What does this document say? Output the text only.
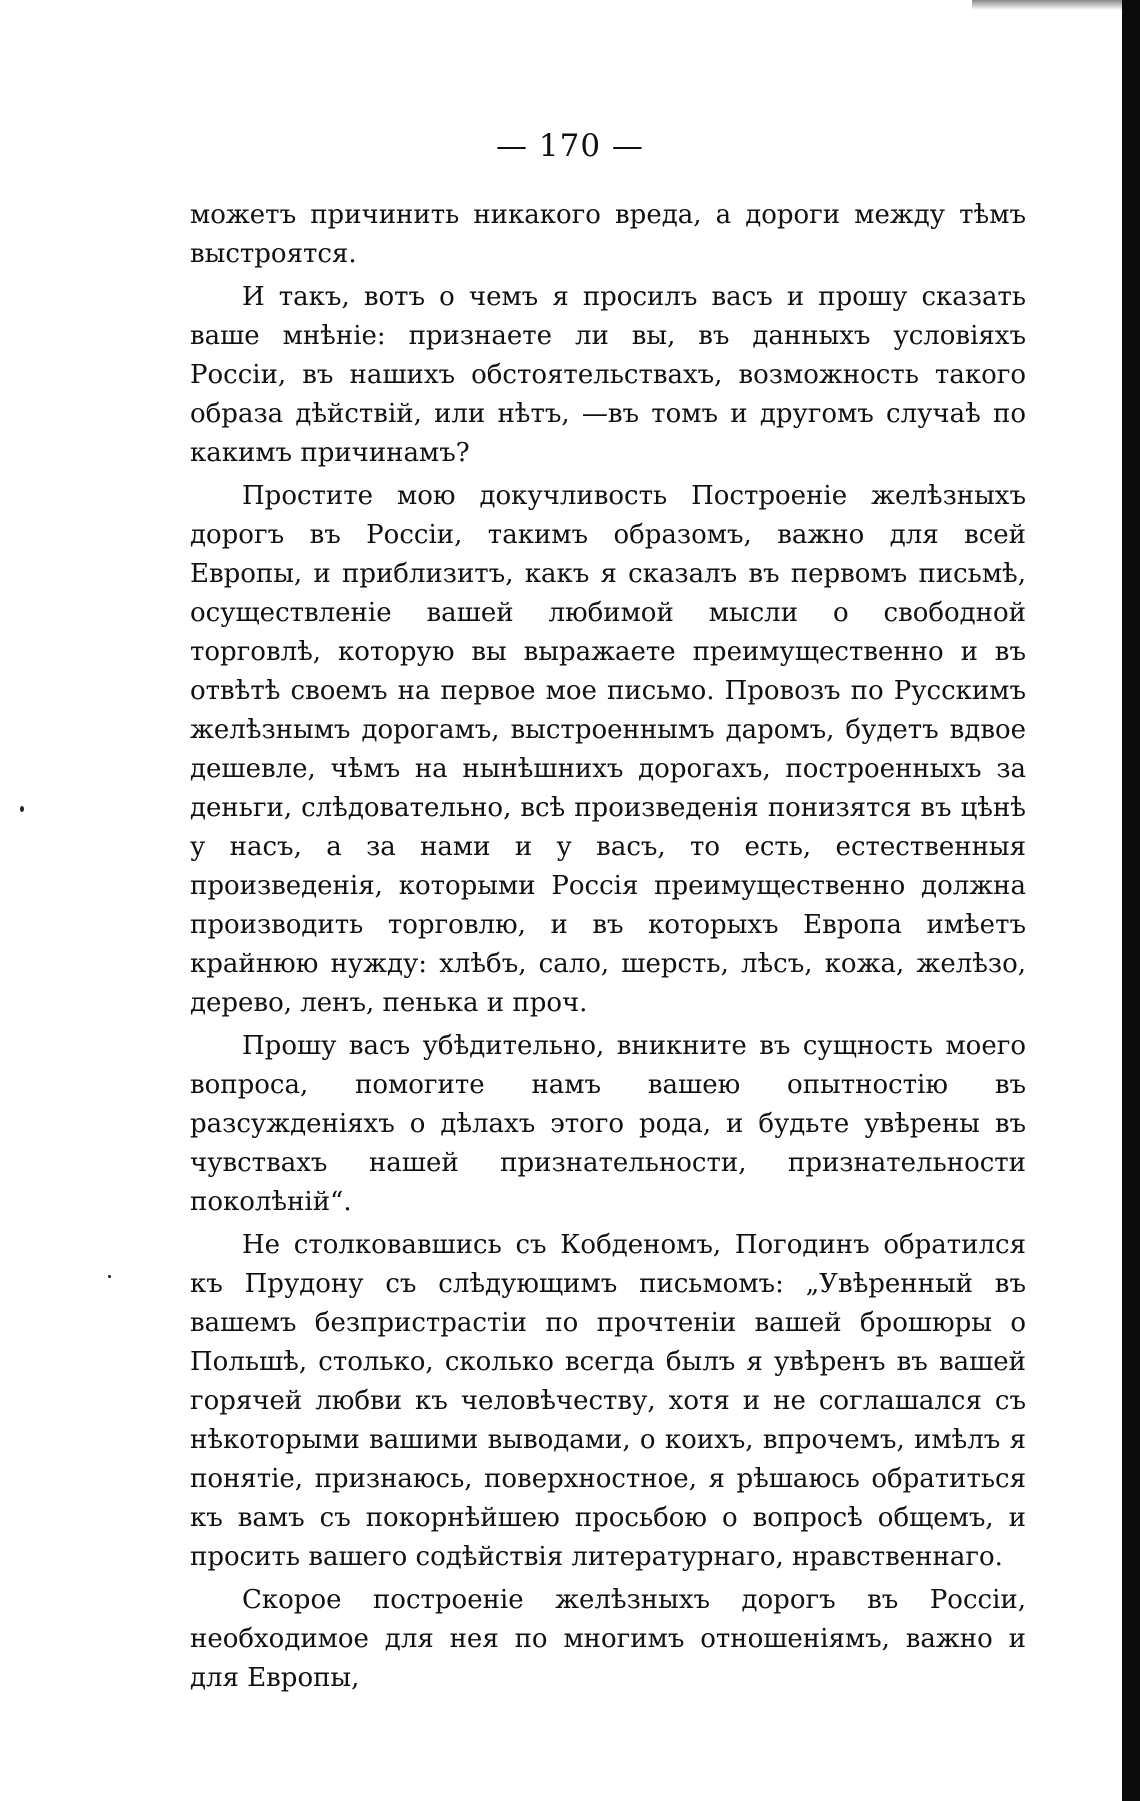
— 170 —

можетъ причинить никакого вреда, а дороги между тѣмъ выстроятся.

И такъ, вотъ о чемъ я просилъ васъ и прошу сказать ваше мнѣніе: признаете ли вы, въ данныхъ условіяхъ Россіи, въ нашихъ обстоятельствахъ, возможность такого образа дѣйствій, или нѣтъ, —въ томъ и другомъ случаѣ по какимъ причинамъ?

Простите мою докучливость Построеніе желѣзныхъ дорогъ въ Россіи, такимъ образомъ, важно для всей Европы, и приблизитъ, какъ я сказалъ въ первомъ письмѣ, осуществленіе вашей любимой мысли о свободной торговлѣ, которую вы выражаете преимущественно и въ отвѣтѣ своемъ на первое мое письмо. Провозъ по Русскимъ желѣзнымъ дорогамъ, выстроеннымъ даромъ, будетъ вдвое дешевле, чѣмъ на нынѣшнихъ дорогахъ, построенныхъ за деньги, слѣдовательно, всѣ произведенія понизятся въ цѣнѣ у насъ, а за нами и у васъ, то есть, естественныя произведенія, которыми Россія преимущественно должна производить торговлю, и въ которыхъ Европа имѣетъ крайнюю нужду: хлѣбъ, сало, шерсть, лѣсъ, кожа, желѣзо, дерево, ленъ, пенька и проч.

Прошу васъ убѣдительно, вникните въ сущность моего вопроса, помогите намъ вашею опытностію въ разсужденіяхъ о дѣлахъ этого рода, и будьте увѣрены въ чувствахъ нашей признательности, признательности поколѣній“.

Не столковавшись съ Кобденомъ, Погодинъ обратился къ Прудону съ слѣдующимъ письмомъ: „Увѣренный въ вашемъ безпристрастіи по прочтеніи вашей брошюры о Польшѣ, столько, сколько всегда былъ я увѣренъ въ вашей горячей любви къ человѣчеству, хотя и не соглашался съ нѣкоторыми вашими выводами, о коихъ, впрочемъ, имѣлъ я понятіе, признаюсь, поверхностное, я рѣшаюсь обратиться къ вамъ съ покорнѣйшею просьбою о вопросѣ общемъ, и просить вашего содѣйствія литературнаго, нравственнаго.

Скорое построеніе желѣзныхъ дорогъ въ Россіи, необходимое для нея по многимъ отношеніямъ, важно и для Европы,
